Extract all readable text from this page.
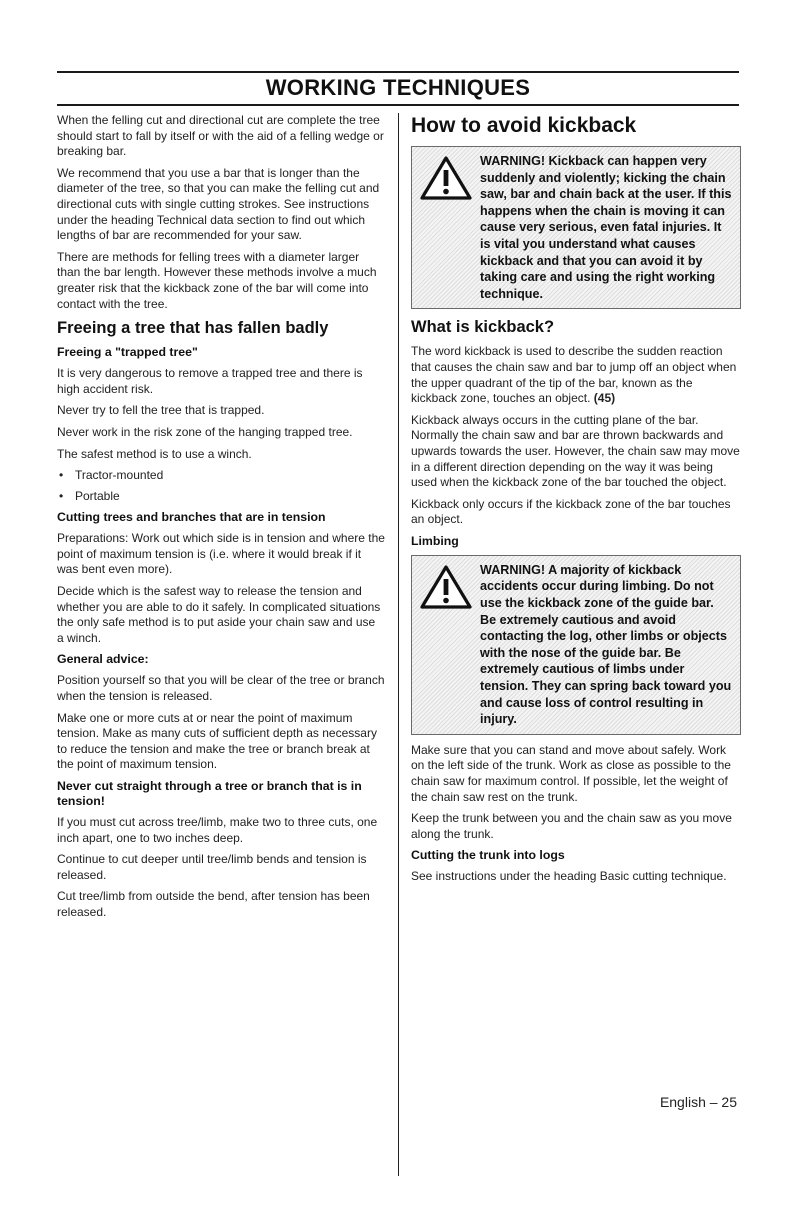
WORKING TECHNIQUES

When the felling cut and directional cut are complete the tree should start to fall by itself or with the aid of a felling wedge or breaking bar.

We recommend that you use a bar that is longer than the diameter of the tree, so that you can make the felling cut and directional cuts with single cutting strokes. See instructions under the heading Technical data section to find out which lengths of bar are recommended for your saw.

There are methods for felling trees with a diameter larger than the bar length. However these methods involve a much greater risk that the kickback zone of the bar will come into contact with the tree.

Freeing a tree that has fallen badly
Freeing a "trapped tree"

It is very dangerous to remove a trapped tree and there is high accident risk.

Never try to fell the tree that is trapped.

Never work in the risk zone of the hanging trapped tree.

The safest method is to use a winch.

• Tractor-mounted
• Portable
Cutting trees and branches that are in tension

Preparations: Work out which side is in tension and where the point of maximum tension is (i.e. where it would break if it was bent even more).

Decide which is the safest way to release the tension and whether you are able to do it safely. In complicated situations the only safe method is to put aside your chain saw and use a winch.

General advice:

Position yourself so that you will be clear of the tree or branch when the tension is released.

Make one or more cuts at or near the point of maximum tension. Make as many cuts of sufficient depth as necessary to reduce the tension and make the tree or branch break at the point of maximum tension.

Never cut straight through a tree or branch that is in tension!

If you must cut across tree/limb, make two to three cuts, one inch apart, one to two inches deep.

Continue to cut deeper until tree/limb bends and tension is released.

Cut tree/limb from outside the bend, after tension has been released.

How to avoid kickback
WARNING! Kickback can happen very suddenly and violently; kicking the chain saw, bar and chain back at the user. If this happens when the chain is moving it can cause very serious, even fatal injuries. It is vital you understand what causes kickback and that you can avoid it by taking care and using the right working technique.
What is kickback?

The word kickback is used to describe the sudden reaction that causes the chain saw and bar to jump off an object when the upper quadrant of the tip of the bar, known as the kickback zone, touches an object. (45)

Kickback always occurs in the cutting plane of the bar. Normally the chain saw and bar are thrown backwards and upwards towards the user. However, the chain saw may move in a different direction depending on the way it was being used when the kickback zone of the bar touched the object.

Kickback only occurs if the kickback zone of the bar touches an object.

Limbing
WARNING! A majority of kickback accidents occur during limbing. Do not use the kickback zone of the guide bar. Be extremely cautious and avoid contacting the log, other limbs or objects with the nose of the guide bar. Be extremely cautious of limbs under tension. They can spring back toward you and cause loss of control resulting in injury.

Make sure that you can stand and move about safely. Work on the left side of the trunk. Work as close as possible to the chain saw for maximum control. If possible, let the weight of the chain saw rest on the trunk.

Keep the trunk between you and the chain saw as you move along the trunk.

Cutting the trunk into logs

See instructions under the heading Basic cutting technique.

English – 25
